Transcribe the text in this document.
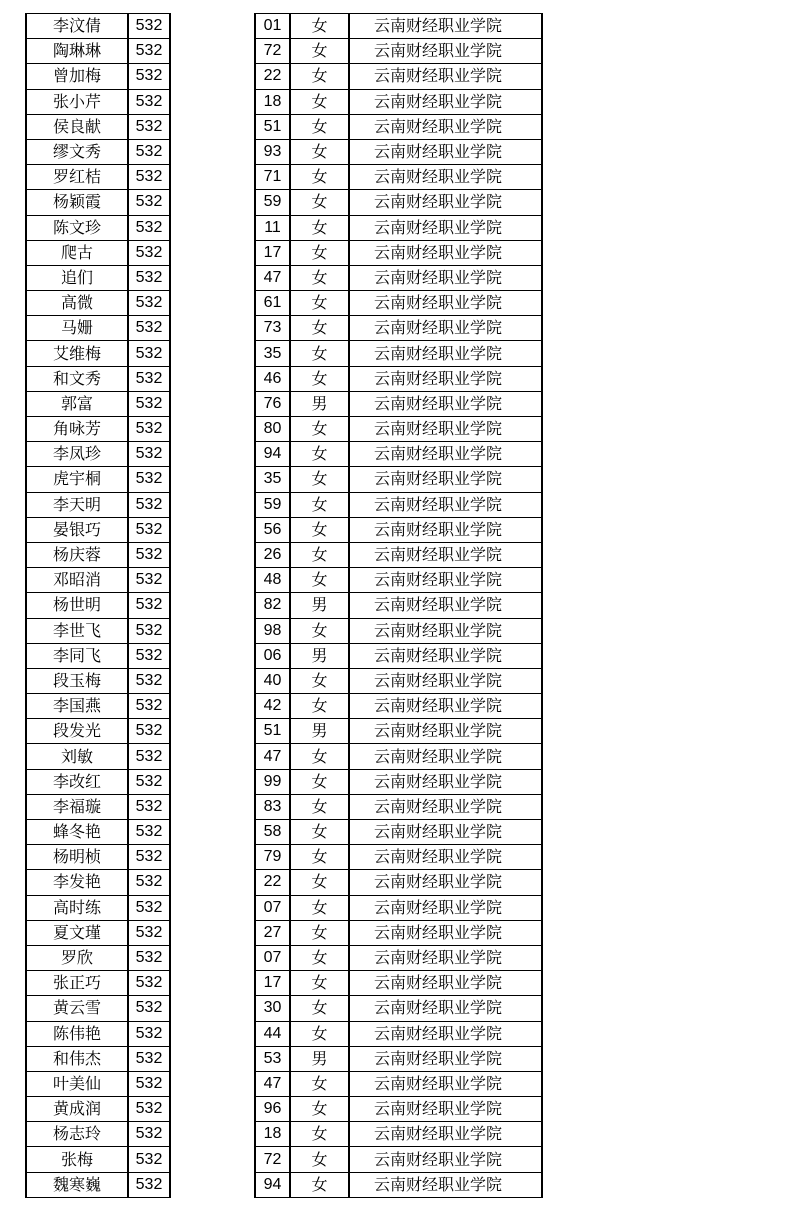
李汶倩	532		01	女	云南财经职业学院
陶琳琳	532		72	女	云南财经职业学院
曾加梅	532		22	女	云南财经职业学院
张小芹	532		18	女	云南财经职业学院
侯良献	532		51	女	云南财经职业学院
缪文秀	532		93	女	云南财经职业学院
罗红桔	532		71	女	云南财经职业学院
杨颖霞	532		59	女	云南财经职业学院
陈文珍	532		11	女	云南财经职业学院
爬古	532		17	女	云南财经职业学院
追们	532		47	女	云南财经职业学院
高微	532		61	女	云南财经职业学院
马姗	532		73	女	云南财经职业学院
艾维梅	532		35	女	云南财经职业学院
和文秀	532		46	女	云南财经职业学院
郭富	532		76	男	云南财经职业学院
角咏芳	532		80	女	云南财经职业学院
李凤珍	532		94	女	云南财经职业学院
虎宇桐	532		35	女	云南财经职业学院
李天明	532		59	女	云南财经职业学院
晏银巧	532		56	女	云南财经职业学院
杨庆蓉	532		26	女	云南财经职业学院
邓昭消	532		48	女	云南财经职业学院
杨世明	532		82	男	云南财经职业学院
李世飞	532		98	女	云南财经职业学院
李同飞	532		06	男	云南财经职业学院
段玉梅	532		40	女	云南财经职业学院
李国燕	532		42	女	云南财经职业学院
段发光	532		51	男	云南财经职业学院
刘敏	532		47	女	云南财经职业学院
李改红	532		99	女	云南财经职业学院
李福璇	532		83	女	云南财经职业学院
蜂冬艳	532		58	女	云南财经职业学院
杨明桢	532		79	女	云南财经职业学院
李发艳	532		22	女	云南财经职业学院
高时练	532		07	女	云南财经职业学院
夏文瑾	532		27	女	云南财经职业学院
罗欣	532		07	女	云南财经职业学院
张正巧	532		17	女	云南财经职业学院
黄云雪	532		30	女	云南财经职业学院
陈伟艳	532		44	女	云南财经职业学院
和伟杰	532		53	男	云南财经职业学院
叶美仙	532		47	女	云南财经职业学院
黄成润	532		96	女	云南财经职业学院
杨志玲	532		18	女	云南财经职业学院
张梅	532		72	女	云南财经职业学院
魏寒巍	532		94	女	云南财经职业学院
